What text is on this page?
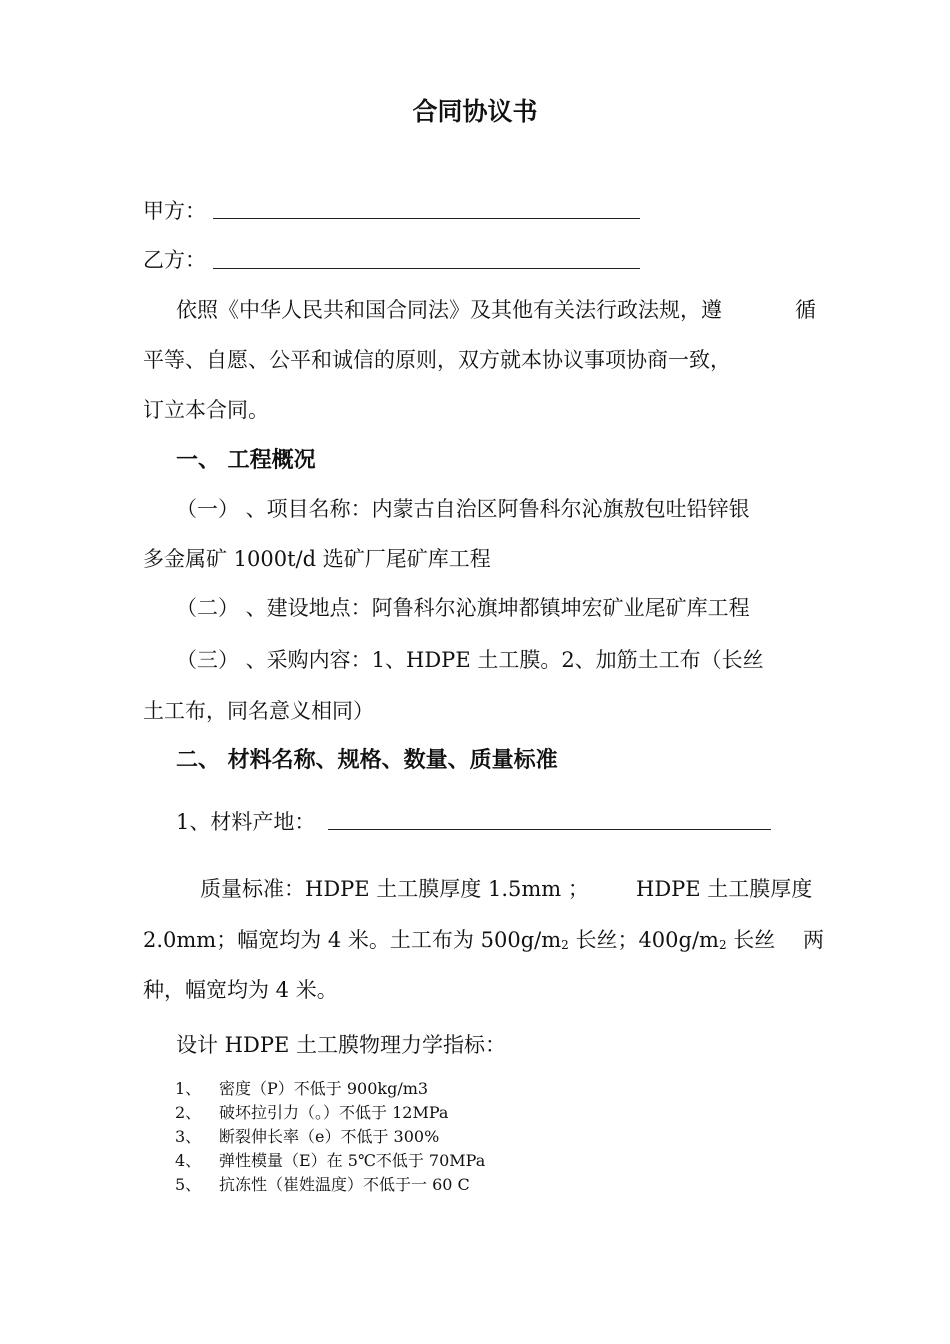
合同协议书
甲方：
乙方：
依照《中华人民共和国合同法》及其他有关法行政法规，遵	循
平等、自愿、公平和诚信的原则，双方就本协议事项协商一致，
订立本合同。
一、 工程概况
（一） 、项目名称：内蒙古自治区阿鲁科尔沁旗敖包吐铅锌银
多金属矿 1000t/d 选矿厂尾矿库工程
（二） 、建设地点：阿鲁科尔沁旗坤都镇坤宏矿业尾矿库工程
（三） 、采购内容：1、HDPE 土工膜。2、加筋土工布（长丝
土工布，同名意义相同）
二、 材料名称、规格、数量、质量标准
1、材料产地：
质量标准：HDPE 土工膜厚度 1.5mm ； HDPE 土工膜厚度
2.0mm；幅宽均为 4 米。土工布为 500g/m2 长丝；400g/m2 长丝 两
种，幅宽均为 4 米。
设计 HDPE 土工膜物理力学指标：
1、 密度（P）不低于 900kg/m3
2、 破坏拉引力（。）不低于 12MPa
3、 断裂伸长率（e）不低于 300%
4、 弹性模量（E）在 5℃不低于 70MPa
5、 抗冻性（崔姓温度）不低于一 60 C
